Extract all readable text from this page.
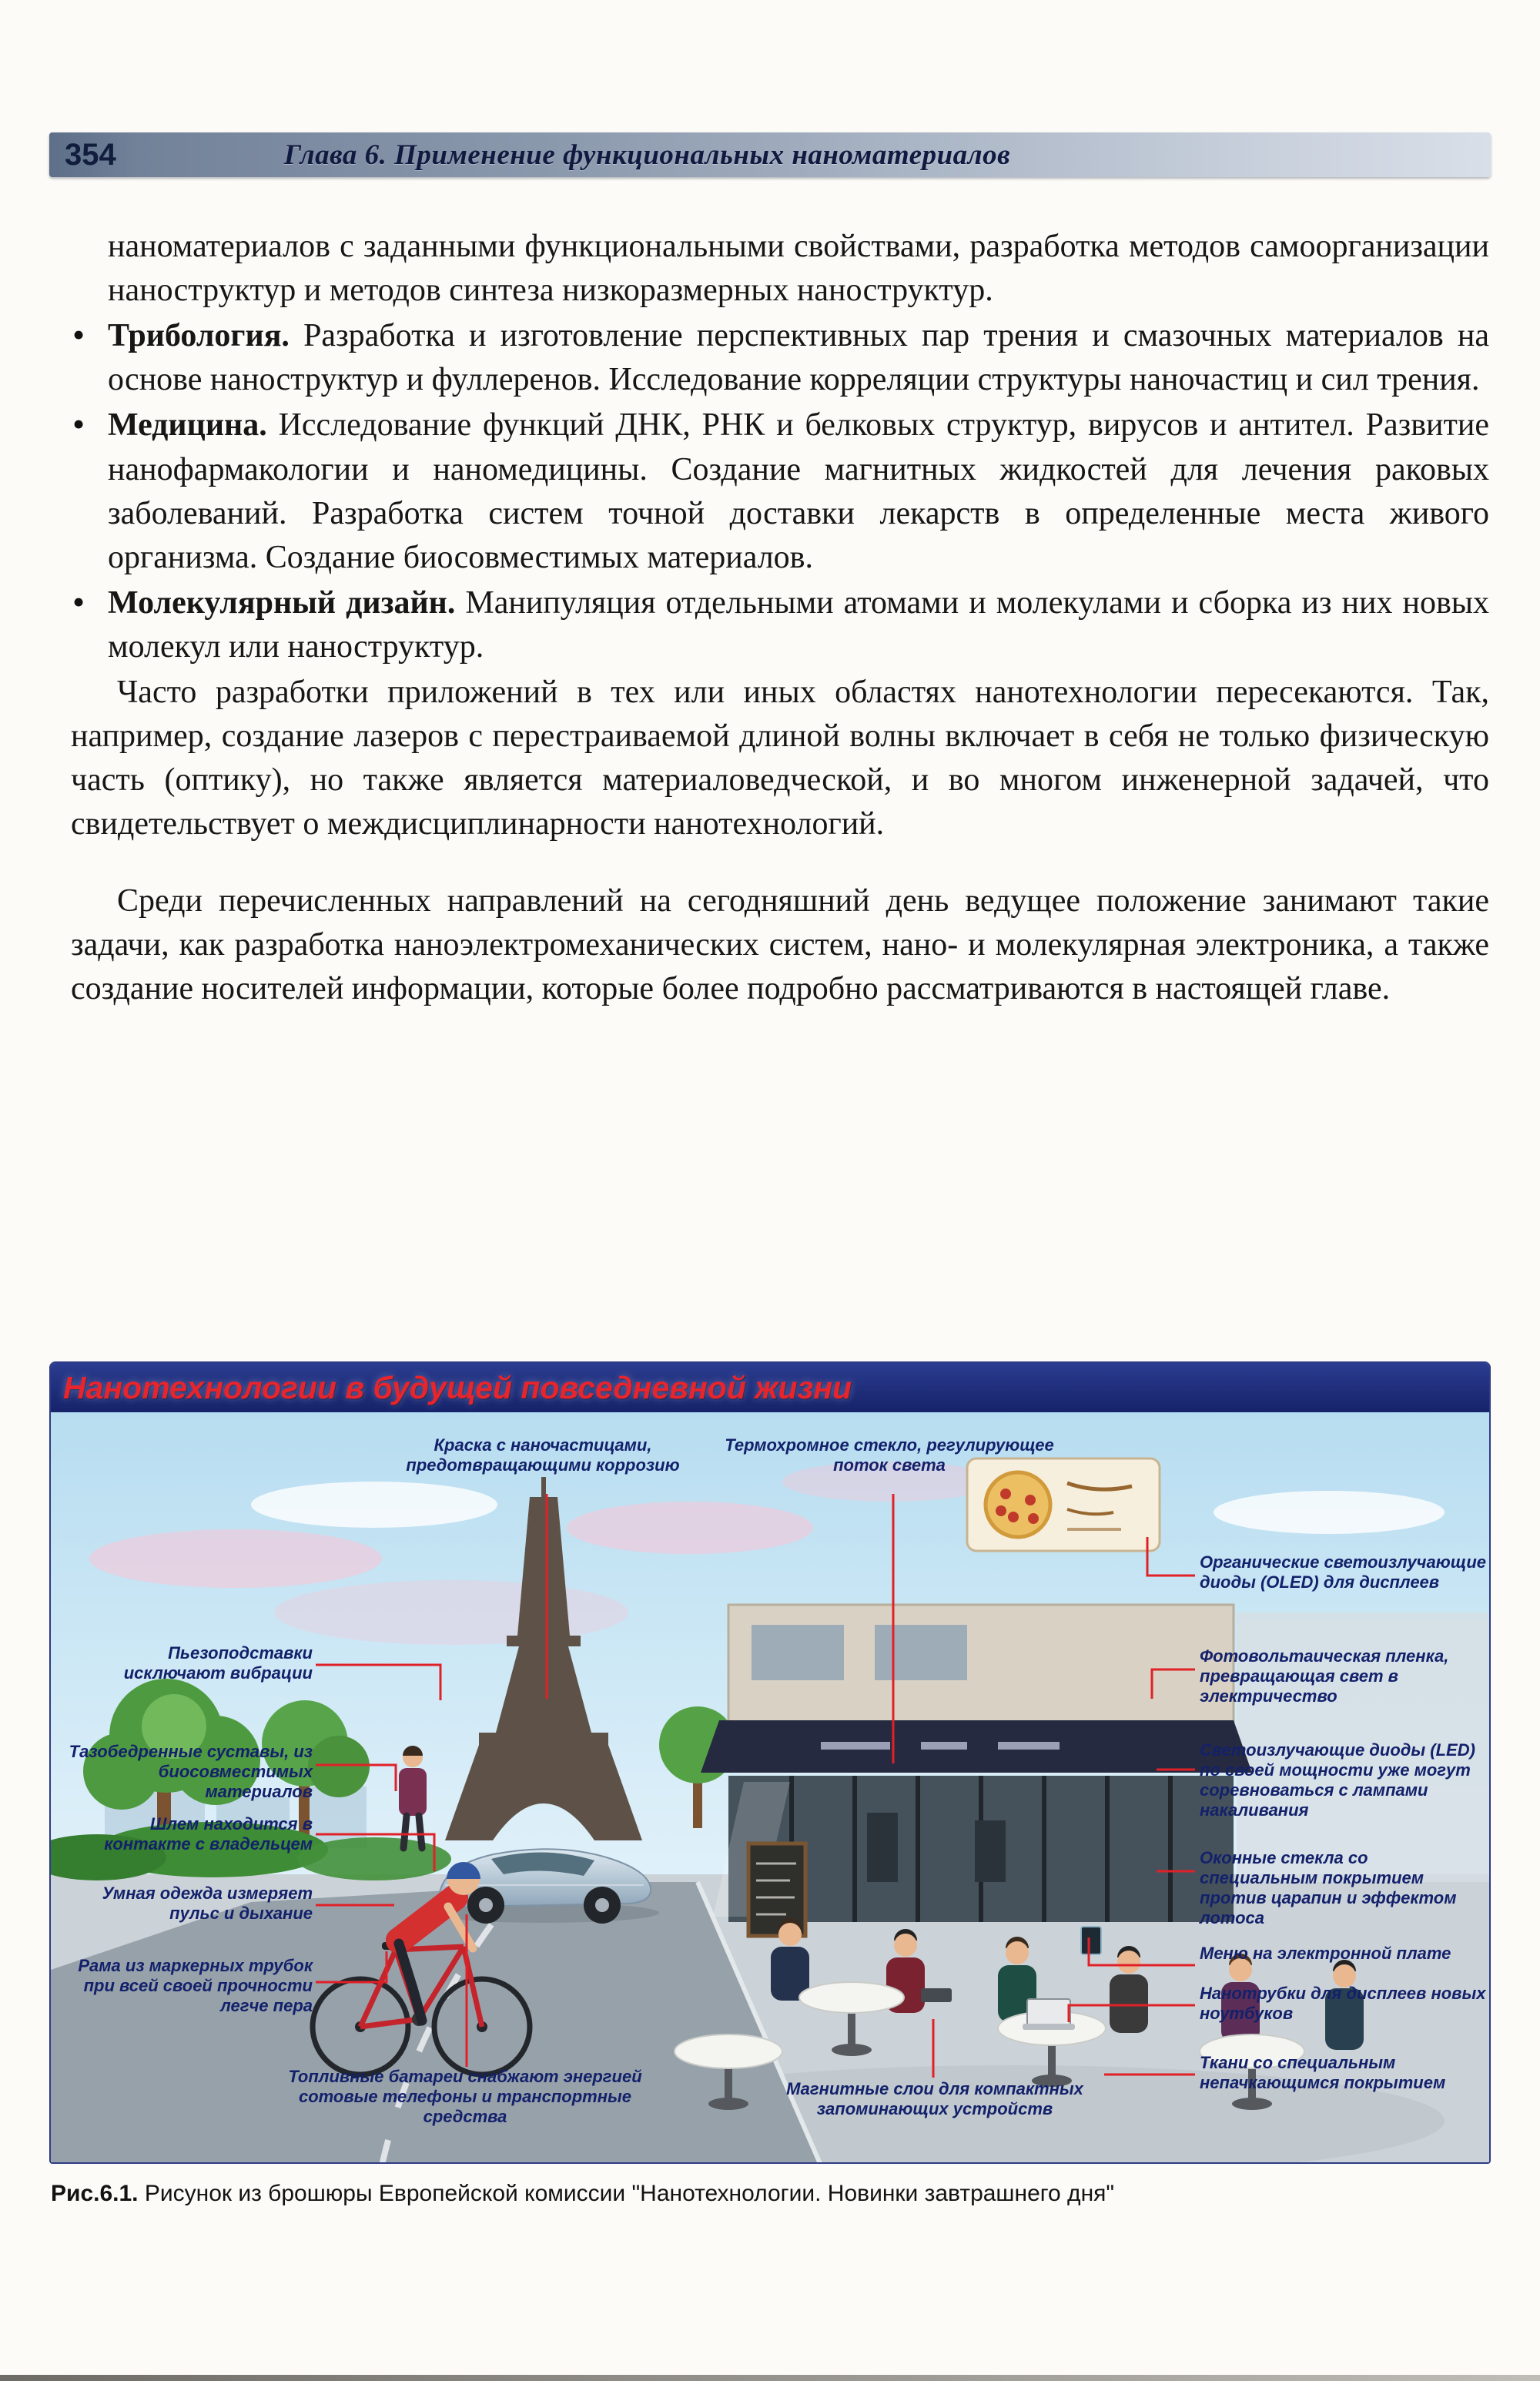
354	Глава 6. Применение функциональных наноматериалов

наноматериалов с заданными функциональными свойствами, разработка методов самоорганизации наноструктур и методов синтеза низкоразмерных наноструктур.

• Трибология. Разработка и изготовление перспективных пар трения и смазочных материалов на основе наноструктур и фуллеренов. Исследование корреляции структуры наночастиц и сил трения.
• Медицина. Исследование функций ДНК, РНК и белковых структур, вирусов и антител. Развитие нанофармакологии и наномедицины. Создание магнитных жидкостей для лечения раковых заболеваний. Разработка систем точной доставки лекарств в определенные места живого организма. Создание биосовместимых материалов.
• Молекулярный дизайн. Манипуляция отдельными атомами и молекулами и сборка из них новых молекул или наноструктур.

Часто разработки приложений в тех или иных областях нанотехнологии пересекаются. Так, например, создание лазеров с перестраиваемой длиной волны включает в себя не только физическую часть (оптику), но также является материаловедческой, и во многом инженерной задачей, что свидетельствует о междисциплинарности нанотехнологий.

Среди перечисленных направлений на сегодняшний день ведущее положение занимают такие задачи, как разработка наноэлектромеханических систем, нано- и молекулярная электроника, а также создание носителей информации, которые более подробно рассматриваются в настоящей главе.

Нанотехнологии в будущей повседневной жизни
Краска с наночастицами, предотвращающими коррозию
Термохромное стекло, регулирующее поток света
Органические светоизлучающие диоды (OLED) для дисплеев
Фотовольтаическая пленка, превращающая свет в электричество
Светоизлучающие диоды (LED) по своей мощности уже могут соревноваться с лампами накаливания
Оконные стекла со специальным покрытием против царапин и эффектом лотоса
Меню на электронной плате
Нанотрубки для дисплеев новых ноутбуков
Ткани со специальным непачкающимся покрытием
Пьезоподставки исключают вибрации
Тазобедренные суставы, из биосовместимых материалов
Шлем находится в контакте с владельцем
Умная одежда измеряет пульс и дыхание
Рама из маркерных трубок при всей своей прочности легче пера
Топливные батареи снабжают энергией сотовые телефоны и транспортные средства
Магнитные слои для компактных запоминающих устройств
Рис.6.1. Рисунок из брошюры Европейской комиссии "Нанотехнологии. Новинки завтрашнего дня"
